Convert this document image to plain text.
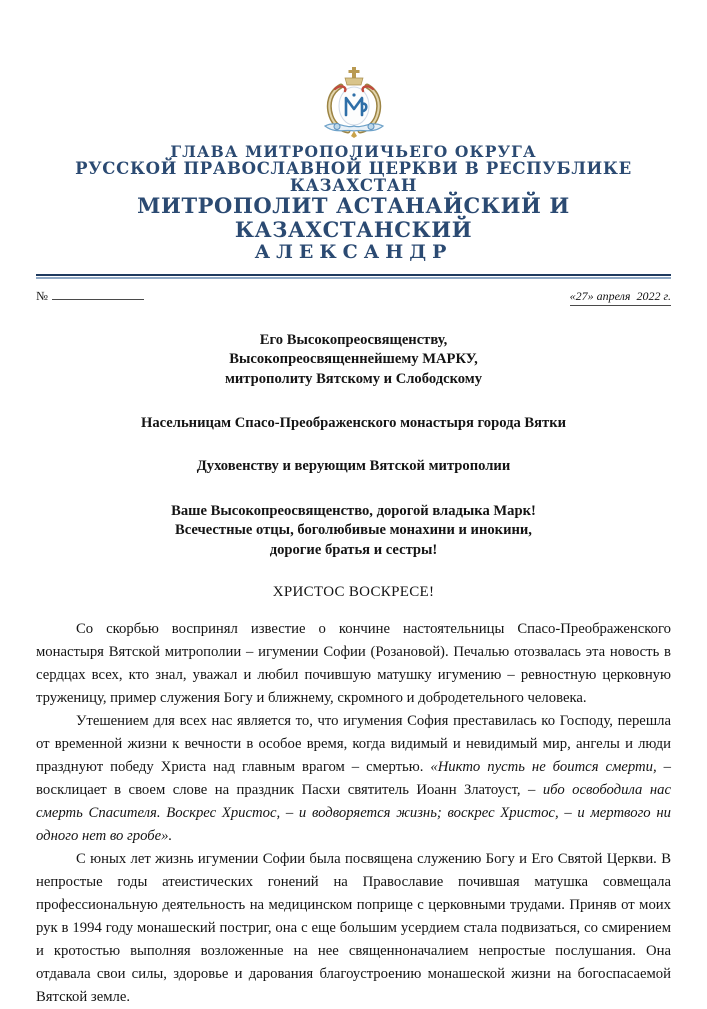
ГЛАВА МИТРОПОЛИЧЬЕГО ОКРУГА
РУССКОЙ ПРАВОСЛАВНОЙ ЦЕРКВИ В РЕСПУБЛИКЕ КАЗАХСТАН
МИТРОПОЛИТ АСТАНАЙСКИЙ И КАЗАХСТАНСКИЙ
АЛЕКСАНДР
№	«27» апреля  2022 г.
Его Высокопреосвященству,
Высокопреосвященнейшему МАРКУ,
митрополиту Вятскому и Слободскому
Насельницам Спасо-Преображенского монастыря города Вятки
Духовенству и верующим Вятской митрополии
Ваше Высокопреосвященство, дорогой владыка Марк!
Всечестные отцы, боголюбивые монахини и инокини,
дорогие братья и сестры!
ХРИСТОС ВОСКРЕСЕ!

Со скорбью воспринял известие о кончине настоятельницы Спасо-Преображенского монастыря Вятской митрополии – игумении Софии (Розановой). Печалью отозвалась эта новость в сердцах всех, кто знал, уважал и любил почившую матушку игумению – ревностную церковную труженицу, пример служения Богу и ближнему, скромного и добродетельного человека.

Утешением для всех нас является то, что игумения София преставилась ко Господу, перешла от временной жизни к вечности в особое время, когда видимый и невидимый мир, ангелы и люди празднуют победу Христа над главным врагом – смертью. «Никто пусть не боится смерти, – восклицает в своем слове на праздник Пасхи святитель Иоанн Златоуст, – ибо освободила нас смерть Спасителя. Воскрес Христос, – и водворяется жизнь; воскрес Христос, – и мертвого ни одного нет во гробе».

С юных лет жизнь игумении Софии была посвящена служению Богу и Его Святой Церкви. В непростые годы атеистических гонений на Православие почившая матушка совмещала профессиональную деятельность на медицинском поприще с церковными трудами. Приняв от моих рук в 1994 году монашеский постриг, она с еще большим усердием стала подвизаться, со смирением и кротостью выполняя возложенные на нее священноначалием непростые послушания. Она отдавала свои силы, здоровье и дарования благоустроению монашеской жизни на богоспасаемой Вятской земле.
